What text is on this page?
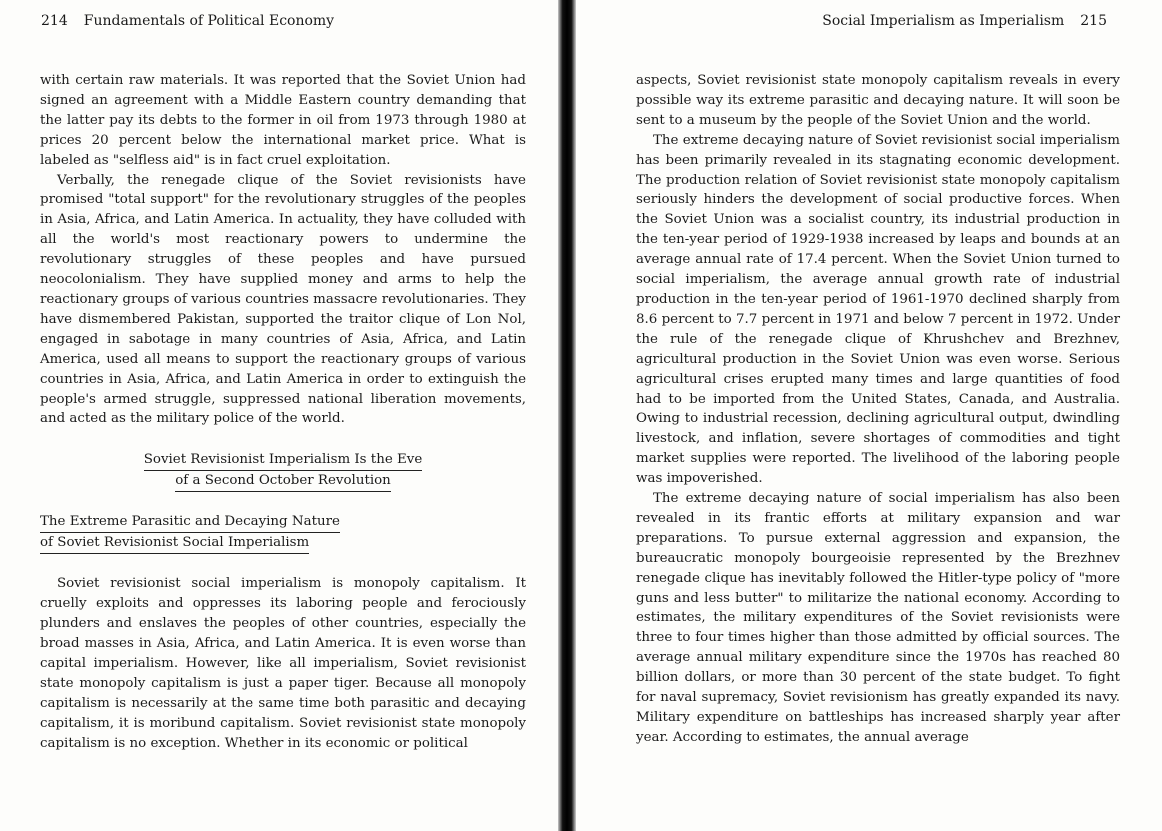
214 Fundamentals of Political Economy

with certain raw materials. It was reported that the Soviet Union had signed an agreement with a Middle Eastern country demanding that the latter pay its debts to the former in oil from 1973 through 1980 at prices 20 percent below the international market price. What is labeled as "selfless aid" is in fact cruel exploitation.

Verbally, the renegade clique of the Soviet revisionists have promised "total support" for the revolutionary struggles of the peoples in Asia, Africa, and Latin America. In actuality, they have colluded with all the world's most reactionary powers to undermine the revolutionary struggles of these peoples and have pursued neocolonialism. They have supplied money and arms to help the reactionary groups of various countries massacre revolutionaries. They have dismembered Pakistan, supported the traitor clique of Lon Nol, engaged in sabotage in many countries of Asia, Africa, and Latin America, used all means to support the reactionary groups of various countries in Asia, Africa, and Latin America in order to extinguish the people's armed struggle, suppressed national liberation movements, and acted as the military police of the world.

Soviet Revisionist Imperialism Is the Eve
of a Second October Revolution
The Extreme Parasitic and Decaying Nature
of Soviet Revisionist Social Imperialism

Soviet revisionist social imperialism is monopoly capitalism. It cruelly exploits and oppresses its laboring people and ferociously plunders and enslaves the peoples of other countries, especially the broad masses in Asia, Africa, and Latin America. It is even worse than capital imperialism. However, like all imperialism, Soviet revisionist state monopoly capitalism is just a paper tiger. Because all monopoly capitalism is necessarily at the same time both parasitic and decaying capitalism, it is moribund capitalism. Soviet revisionist state monopoly capitalism is no exception. Whether in its economic or political

Social Imperialism as Imperialism 215

aspects, Soviet revisionist state monopoly capitalism reveals in every possible way its extreme parasitic and decaying nature. It will soon be sent to a museum by the people of the Soviet Union and the world.

The extreme decaying nature of Soviet revisionist social imperialism has been primarily revealed in its stagnating economic development. The production relation of Soviet revisionist state monopoly capitalism seriously hinders the development of social productive forces. When the Soviet Union was a socialist country, its industrial production in the ten-year period of 1929-1938 increased by leaps and bounds at an average annual rate of 17.4 percent. When the Soviet Union turned to social imperialism, the average annual growth rate of industrial production in the ten-year period of 1961-1970 declined sharply from 8.6 percent to 7.7 percent in 1971 and below 7 percent in 1972. Under the rule of the renegade clique of Khrushchev and Brezhnev, agricultural production in the Soviet Union was even worse. Serious agricultural crises erupted many times and large quantities of food had to be imported from the United States, Canada, and Australia. Owing to industrial recession, declining agricultural output, dwindling livestock, and inflation, severe shortages of commodities and tight market supplies were reported. The livelihood of the laboring people was impoverished.

The extreme decaying nature of social imperialism has also been revealed in its frantic efforts at military expansion and war preparations. To pursue external aggression and expansion, the bureaucratic monopoly bourgeoisie represented by the Brezhnev renegade clique has inevitably followed the Hitler-type policy of "more guns and less butter" to militarize the national economy. According to estimates, the military expenditures of the Soviet revisionists were three to four times higher than those admitted by official sources. The average annual military expenditure since the 1970s has reached 80 billion dollars, or more than 30 percent of the state budget. To fight for naval supremacy, Soviet revisionism has greatly expanded its navy. Military expenditure on battleships has increased sharply year after year. According to estimates, the annual average
